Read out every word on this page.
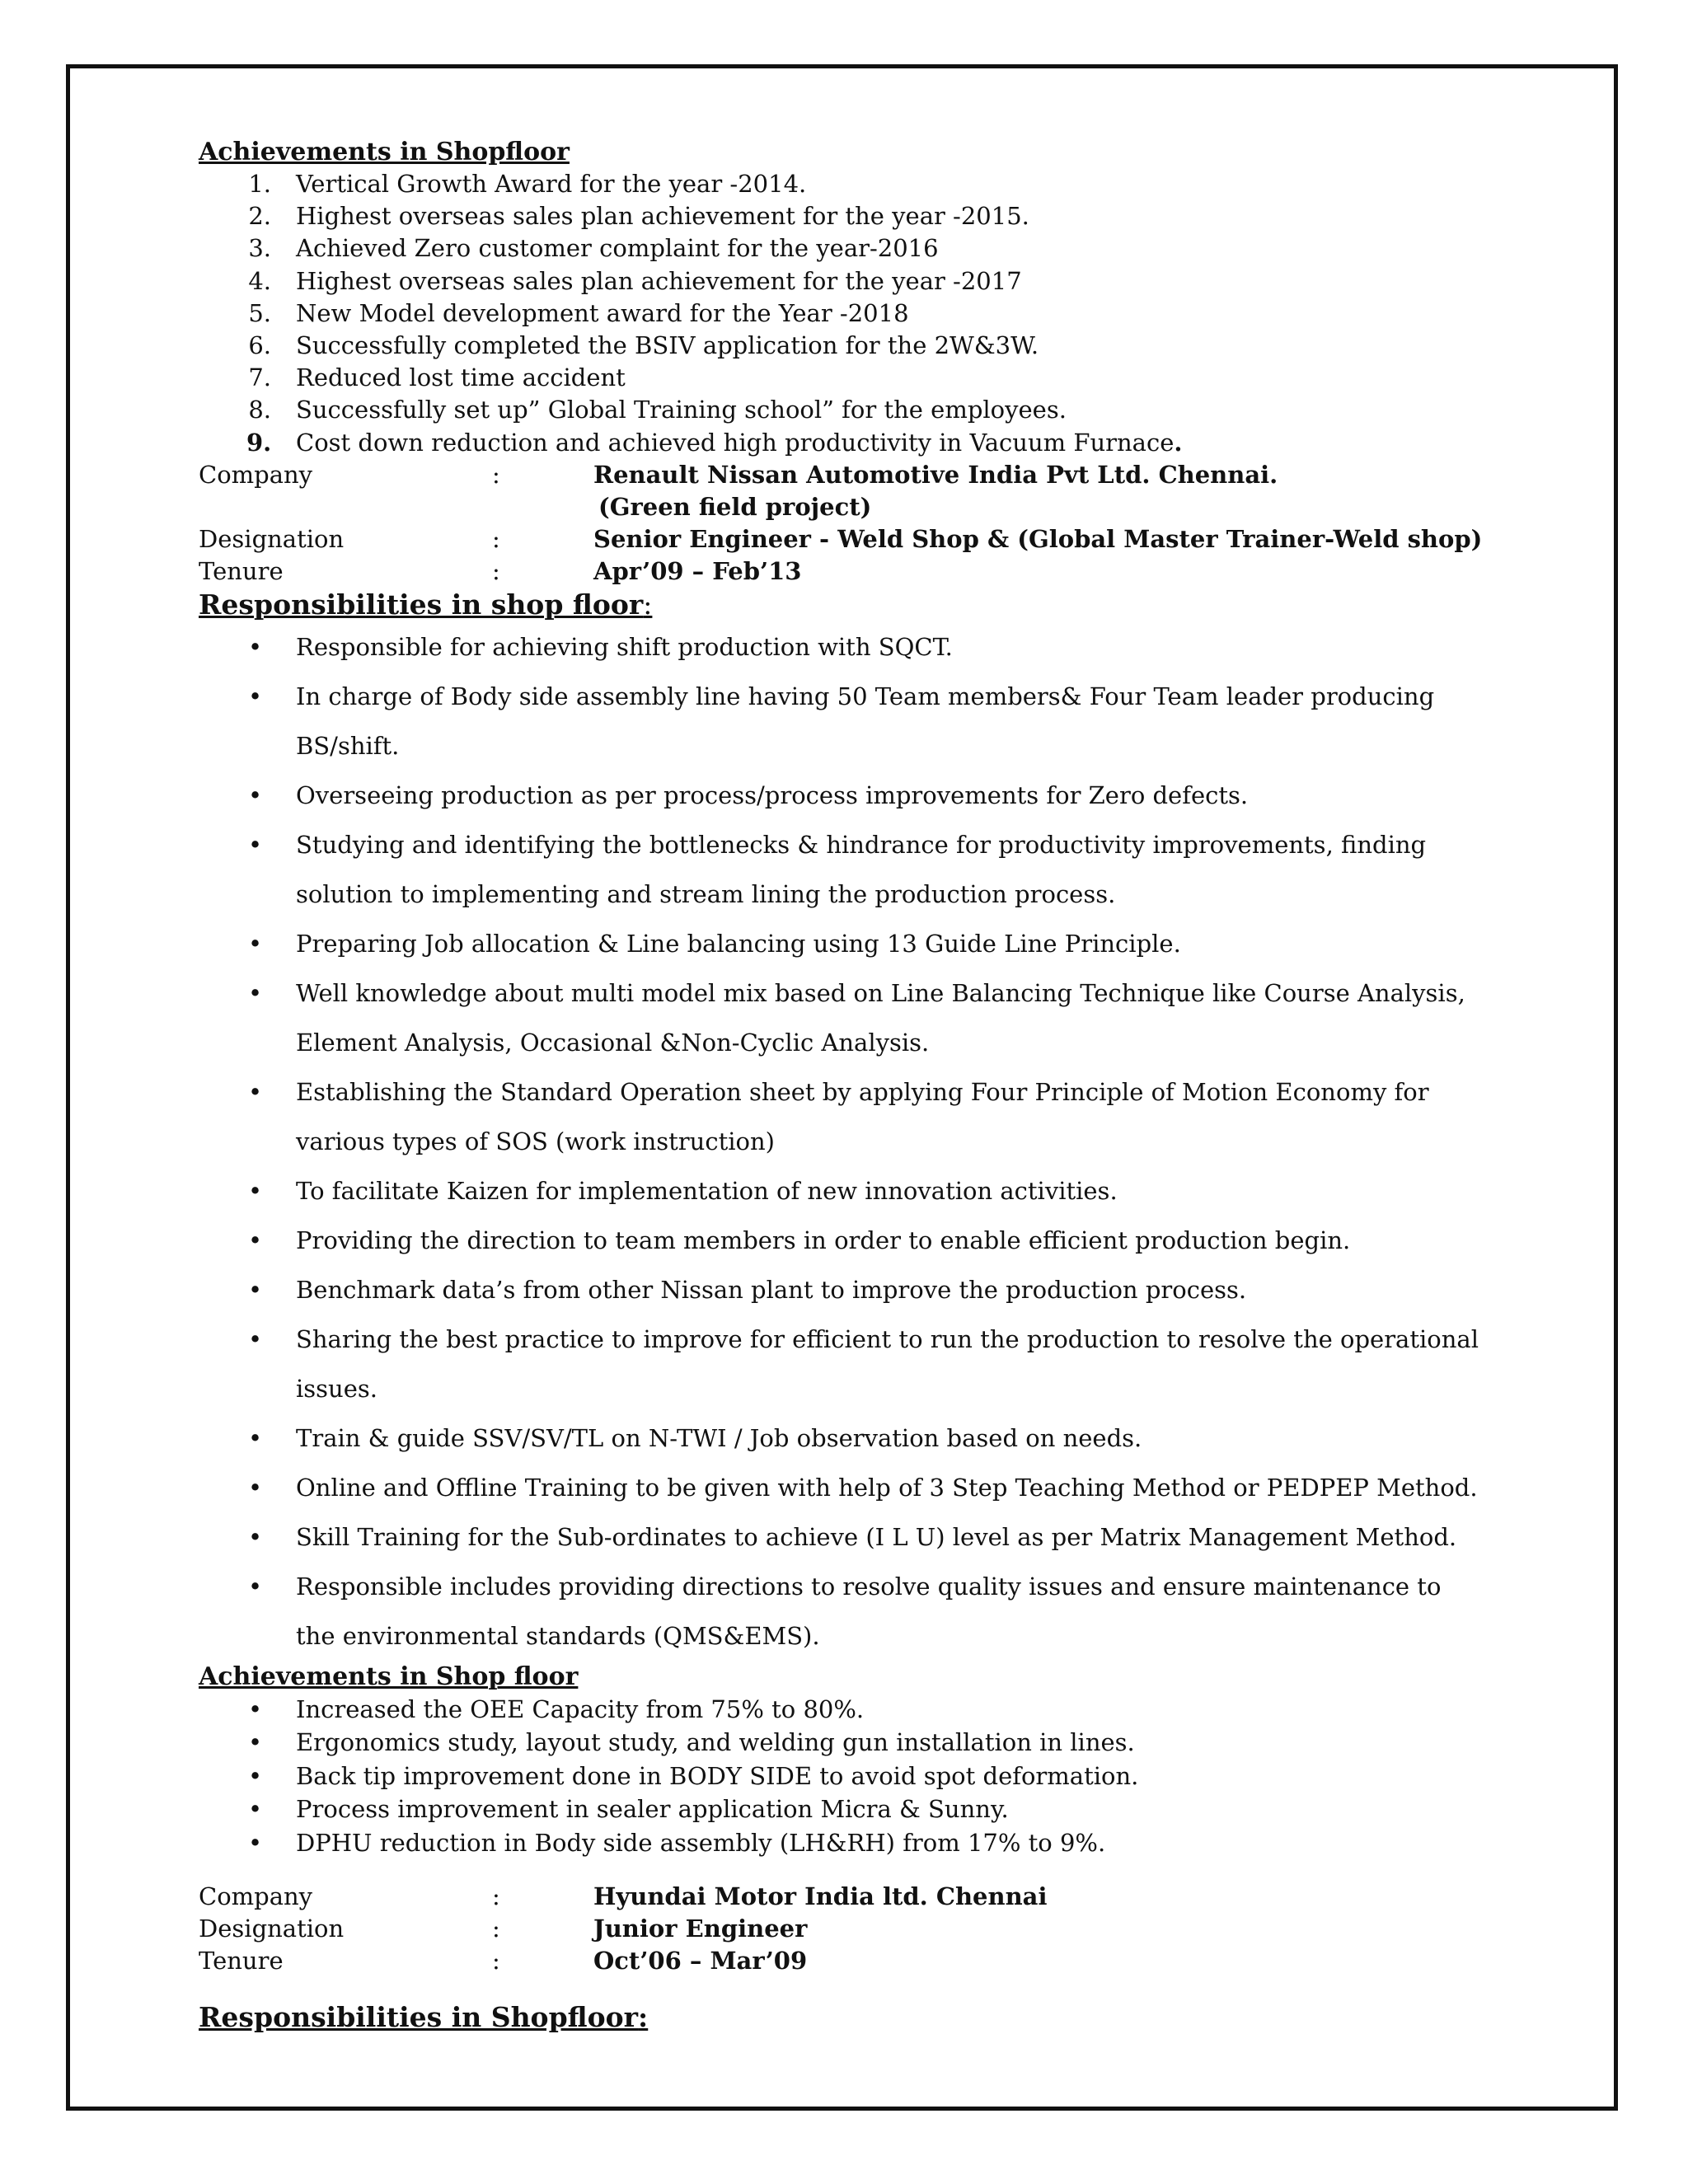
Achievements in Shopfloor
1. Vertical Growth Award for the year -2014.
2. Highest overseas sales plan achievement for the year -2015.
3. Achieved Zero customer complaint for the year-2016
4. Highest overseas sales plan achievement for the year -2017
5. New Model development award for the Year -2018
6. Successfully completed the BSIV application for the 2W&3W.
7. Reduced lost time accident
8. Successfully set up” Global Training school” for the employees.
9. Cost down reduction and achieved high productivity in Vacuum Furnace.
Company	:	Renault Nissan Automotive India Pvt Ltd. Chennai.
(Green field project)
Designation	:	Senior Engineer - Weld Shop & (Global Master Trainer-Weld shop)
Tenure	:	Apr’09 – Feb’13
Responsibilities in shop floor:
• Responsible for achieving shift production with SQCT.
• In charge of Body side assembly line having 50 Team members& Four Team leader producing BS/shift.
• Overseeing production as per process/process improvements for Zero defects.
• Studying and identifying the bottlenecks & hindrance for productivity improvements, finding solution to implementing and stream lining the production process.
• Preparing Job allocation & Line balancing using 13 Guide Line Principle.
• Well knowledge about multi model mix based on Line Balancing Technique like Course Analysis, Element Analysis, Occasional &Non-Cyclic Analysis.
• Establishing the Standard Operation sheet by applying Four Principle of Motion Economy for various types of SOS (work instruction)
• To facilitate Kaizen for implementation of new innovation activities.
• Providing the direction to team members in order to enable efficient production begin.
• Benchmark data’s from other Nissan plant to improve the production process.
• Sharing the best practice to improve for efficient to run the production to resolve the operational issues.
• Train & guide SSV/SV/TL on N-TWI / Job observation based on needs.
• Online and Offline Training to be given with help of 3 Step Teaching Method or PEDPEP Method.
• Skill Training for the Sub-ordinates to achieve (I L U) level as per Matrix Management Method.
• Responsible includes providing directions to resolve quality issues and ensure maintenance to the environmental standards (QMS&EMS).
Achievements in Shop floor
• Increased the OEE Capacity from 75% to 80%.
• Ergonomics study, layout study, and welding gun installation in lines.
• Back tip improvement done in BODY SIDE to avoid spot deformation.
• Process improvement in sealer application Micra & Sunny.
• DPHU reduction in Body side assembly (LH&RH) from 17% to 9%.
Company	:	Hyundai Motor India ltd. Chennai
Designation	:	Junior Engineer
Tenure	:	Oct’06 – Mar’09
Responsibilities in Shopfloor:
